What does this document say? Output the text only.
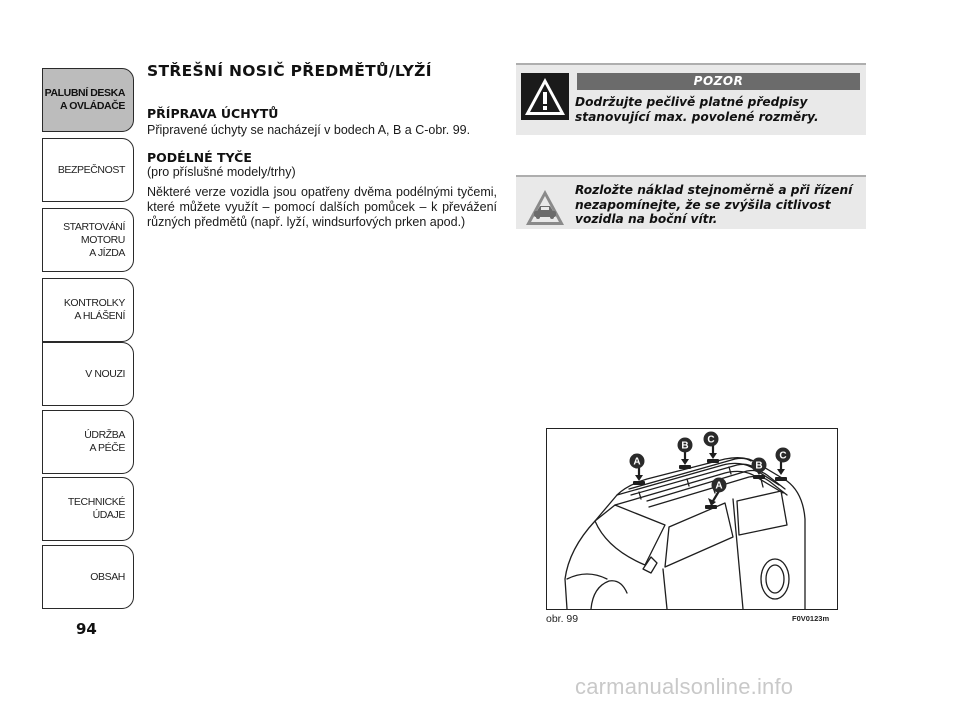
PALUBNÍ DESKA
A OVLÁDAČE
BEZPEČNOST
STARTOVÁNÍ
MOTORU
A JÍZDA
KONTROLKY
A HLÁŠENÍ
V NOUZI
ÚDRŽBA
A PÉČE
TECHNICKÉ
ÚDAJE
OBSAH
94
STŘEŠNÍ NOSIČ PŘEDMĚTŮ/LYŽÍ
PŘÍPRAVA ÚCHYTŮ

Připravené úchyty se nacházejí v bodech A, B a C-obr. 99.

PODÉLNÉ TYČE

(pro příslušné modely/trhy)

Některé verze vozidla jsou opatřeny dvěma podélnými tyčemi, které můžete využít – pomocí dalších pomůcek – k převážení různých předmětů (např. lyží, windsurfových prken apod.)

POZOR
Dodržujte pečlivě platné předpisy stanovující max. povolené rozměry.
Rozložte náklad stejnoměrně a při řízení nezapomínejte, že se zvýšila citlivost vozidla na boční vítr.
A
B
C
B
C
A
obr. 99	F0V0123m
carmanualsonline.info
